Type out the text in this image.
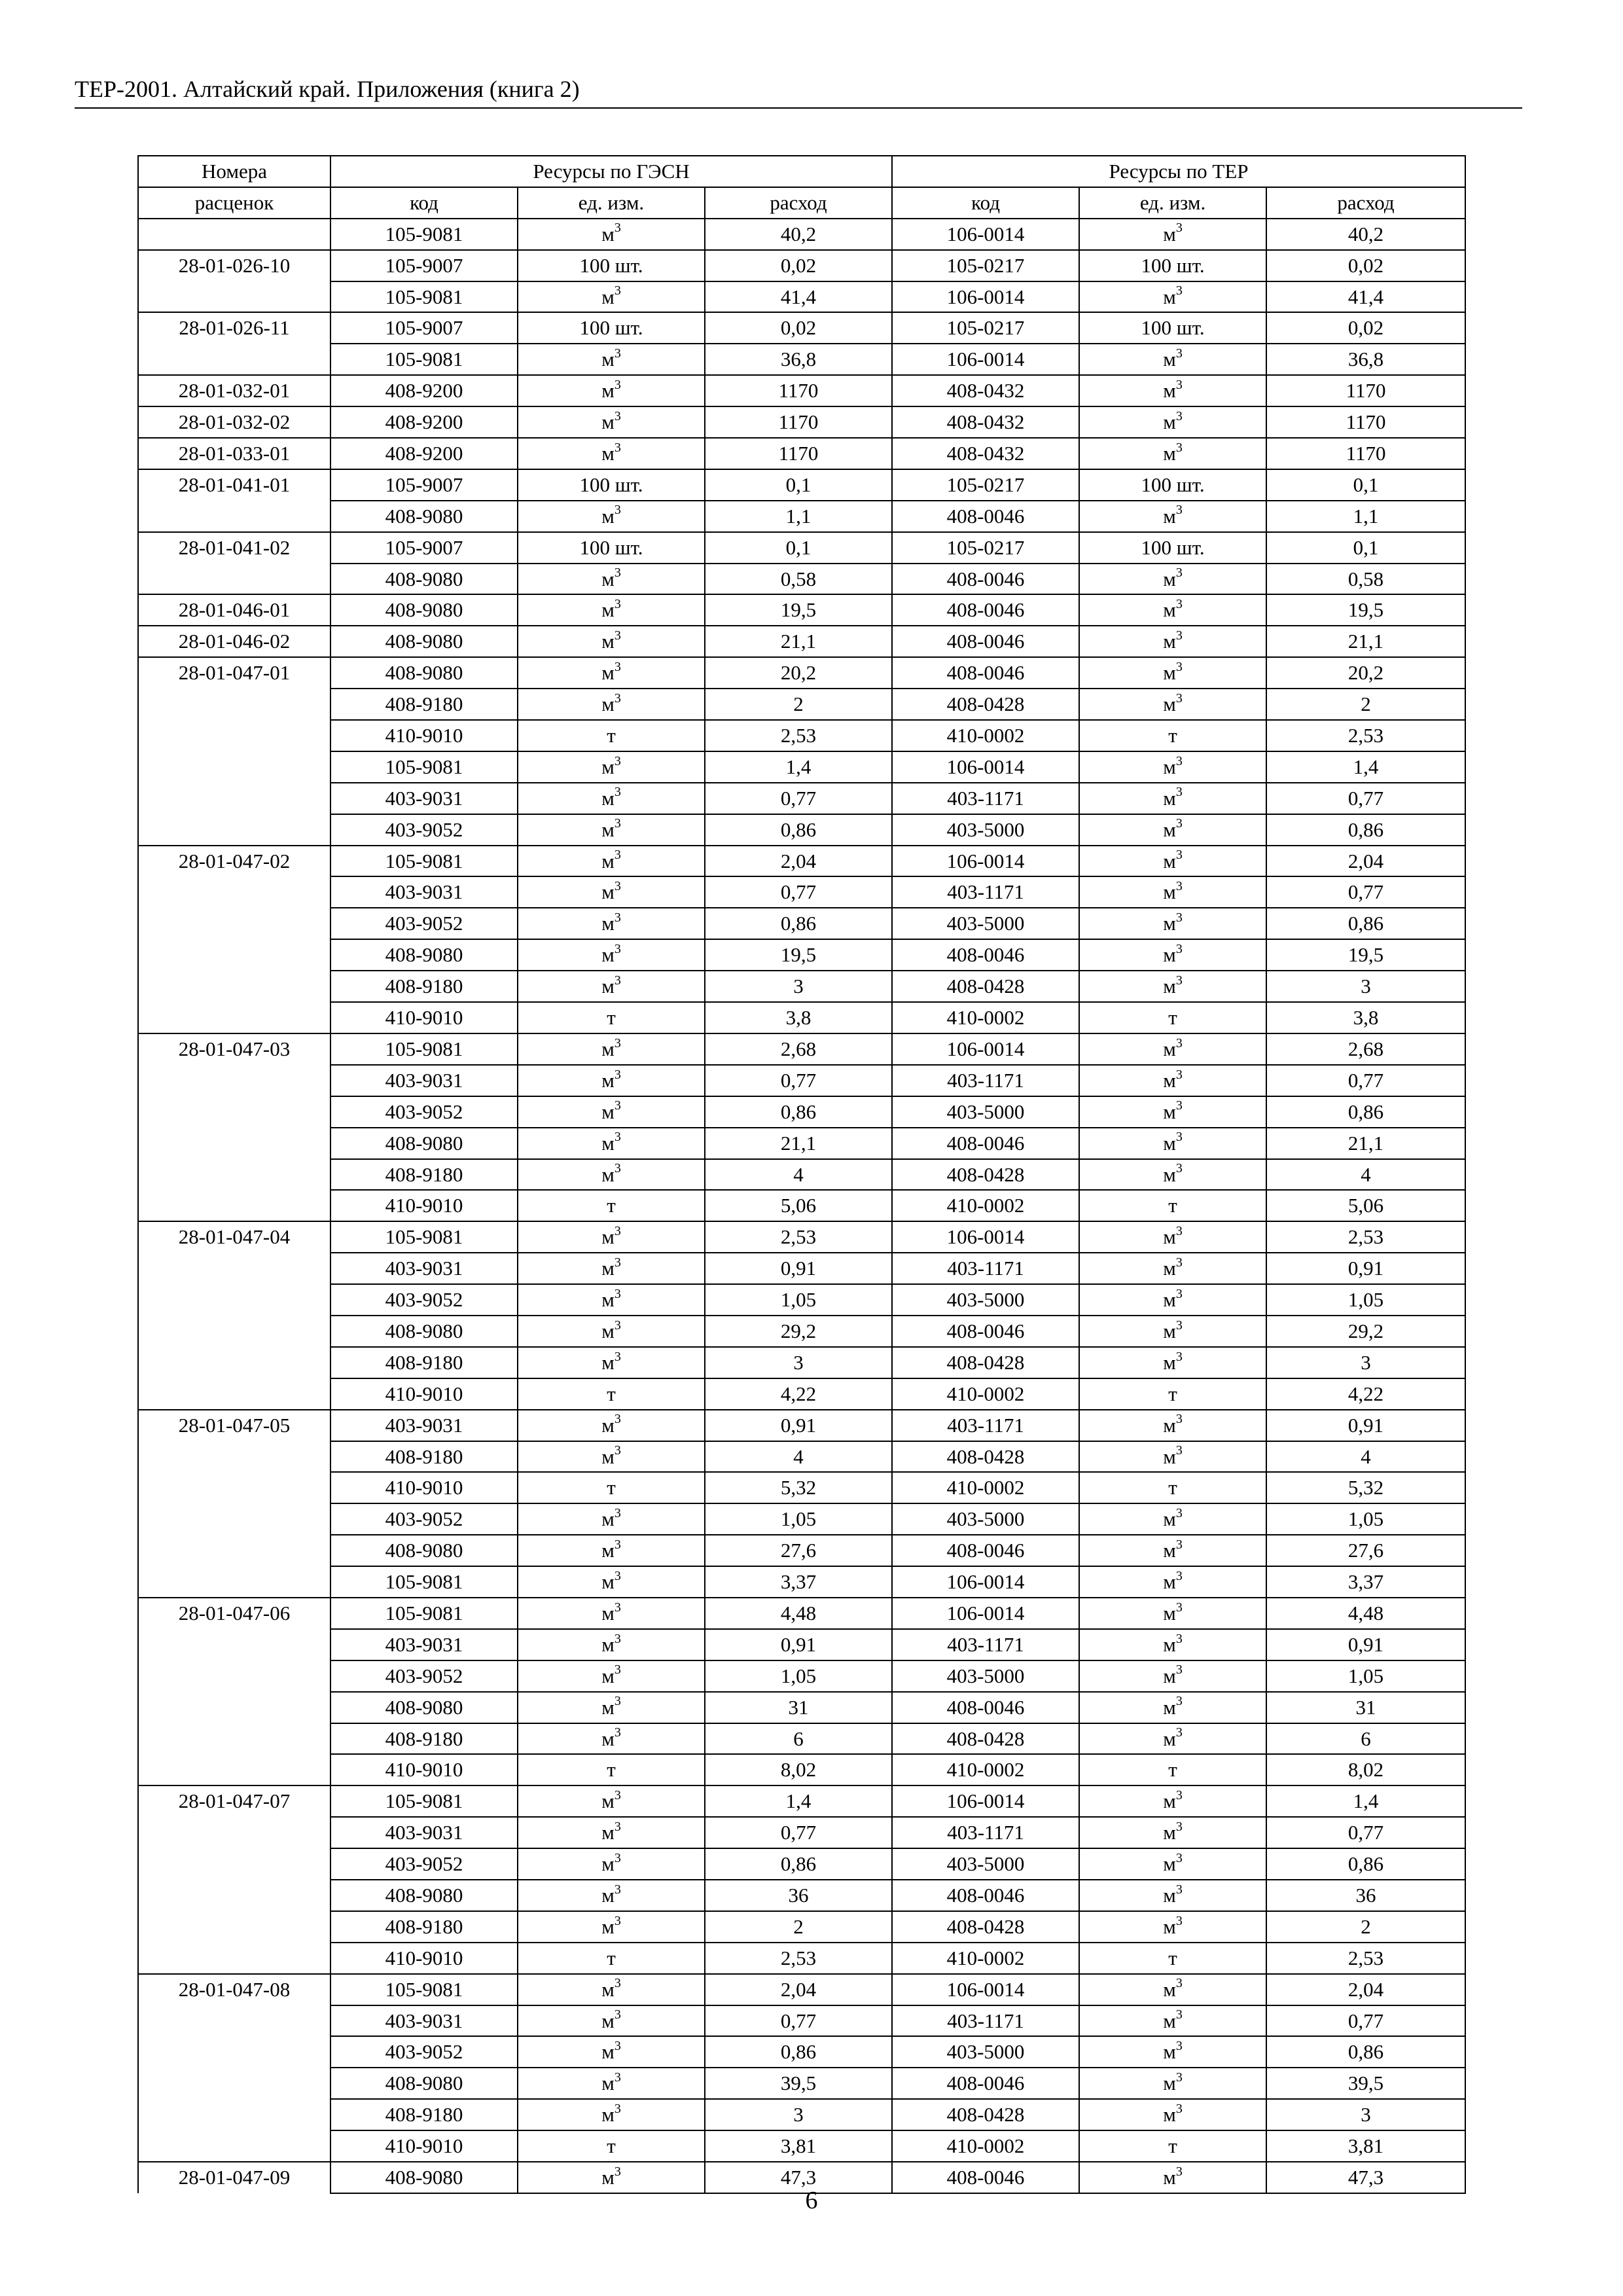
ТЕР-2001. Алтайский край. Приложения (книга 2)
Номера	Ресурсы по ГЭСН			Ресурсы по ТЕР		
расценок	код	ед. изм.	расход	код	ед. изм.	расход
	105-9081	$м^3$	40,2	106-0014	$м^3$	40,2
28-01-026-10	105-9007	100 шт.	0,02	105-0217	100 шт.	0,02
	105-9081	$м^3$	41,4	106-0014	$м^3$	41,4
28-01-026-11	105-9007	100 шт.	0,02	105-0217	100 шт.	0,02
	105-9081	$м^3$	36,8	106-0014	$м^3$	36,8
28-01-032-01	408-9200	$м^3$	1170	408-0432	$м^3$	1170
28-01-032-02	408-9200	$м^3$	1170	408-0432	$м^3$	1170
28-01-033-01	408-9200	$м^3$	1170	408-0432	$м^3$	1170
28-01-041-01	105-9007	100 шт.	0,1	105-0217	100 шт.	0,1
	408-9080	$м^3$	1,1	408-0046	$м^3$	1,1
28-01-041-02	105-9007	100 шт.	0,1	105-0217	100 шт.	0,1
	408-9080	$м^3$	0,58	408-0046	$м^3$	0,58
28-01-046-01	408-9080	$м^3$	19,5	408-0046	$м^3$	19,5
28-01-046-02	408-9080	$м^3$	21,1	408-0046	$м^3$	21,1
28-01-047-01	408-9080	$м^3$	20,2	408-0046	$м^3$	20,2
	408-9180	$м^3$	2	408-0428	$м^3$	2
	410-9010	т	2,53	410-0002	т	2,53
	105-9081	$м^3$	1,4	106-0014	$м^3$	1,4
	403-9031	$м^3$	0,77	403-1171	$м^3$	0,77
	403-9052	$м^3$	0,86	403-5000	$м^3$	0,86
28-01-047-02	105-9081	$м^3$	2,04	106-0014	$м^3$	2,04
	403-9031	$м^3$	0,77	403-1171	$м^3$	0,77
	403-9052	$м^3$	0,86	403-5000	$м^3$	0,86
	408-9080	$м^3$	19,5	408-0046	$м^3$	19,5
	408-9180	$м^3$	3	408-0428	$м^3$	3
	410-9010	т	3,8	410-0002	т	3,8
28-01-047-03	105-9081	$м^3$	2,68	106-0014	$м^3$	2,68
	403-9031	$м^3$	0,77	403-1171	$м^3$	0,77
	403-9052	$м^3$	0,86	403-5000	$м^3$	0,86
	408-9080	$м^3$	21,1	408-0046	$м^3$	21,1
	408-9180	$м^3$	4	408-0428	$м^3$	4
	410-9010	т	5,06	410-0002	т	5,06
28-01-047-04	105-9081	$м^3$	2,53	106-0014	$м^3$	2,53
	403-9031	$м^3$	0,91	403-1171	$м^3$	0,91
	403-9052	$м^3$	1,05	403-5000	$м^3$	1,05
	408-9080	$м^3$	29,2	408-0046	$м^3$	29,2
	408-9180	$м^3$	3	408-0428	$м^3$	3
	410-9010	т	4,22	410-0002	т	4,22
28-01-047-05	403-9031	$м^3$	0,91	403-1171	$м^3$	0,91
	408-9180	$м^3$	4	408-0428	$м^3$	4
	410-9010	т	5,32	410-0002	т	5,32
	403-9052	$м^3$	1,05	403-5000	$м^3$	1,05
	408-9080	$м^3$	27,6	408-0046	$м^3$	27,6
	105-9081	$м^3$	3,37	106-0014	$м^3$	3,37
28-01-047-06	105-9081	$м^3$	4,48	106-0014	$м^3$	4,48
	403-9031	$м^3$	0,91	403-1171	$м^3$	0,91
	403-9052	$м^3$	1,05	403-5000	$м^3$	1,05
	408-9080	$м^3$	31	408-0046	$м^3$	31
	408-9180	$м^3$	6	408-0428	$м^3$	6
	410-9010	т	8,02	410-0002	т	8,02
28-01-047-07	105-9081	$м^3$	1,4	106-0014	$м^3$	1,4
	403-9031	$м^3$	0,77	403-1171	$м^3$	0,77
	403-9052	$м^3$	0,86	403-5000	$м^3$	0,86
	408-9080	$м^3$	36	408-0046	$м^3$	36
	408-9180	$м^3$	2	408-0428	$м^3$	2
	410-9010	т	2,53	410-0002	т	2,53
28-01-047-08	105-9081	$м^3$	2,04	106-0014	$м^3$	2,04
	403-9031	$м^3$	0,77	403-1171	$м^3$	0,77
	403-9052	$м^3$	0,86	403-5000	$м^3$	0,86
	408-9080	$м^3$	39,5	408-0046	$м^3$	39,5
	408-9180	$м^3$	3	408-0428	$м^3$	3
	410-9010	т	3,81	410-0002	т	3,81
28-01-047-09	408-9080	$м^3$	47,3	408-0046	$м^3$	47,3
6
